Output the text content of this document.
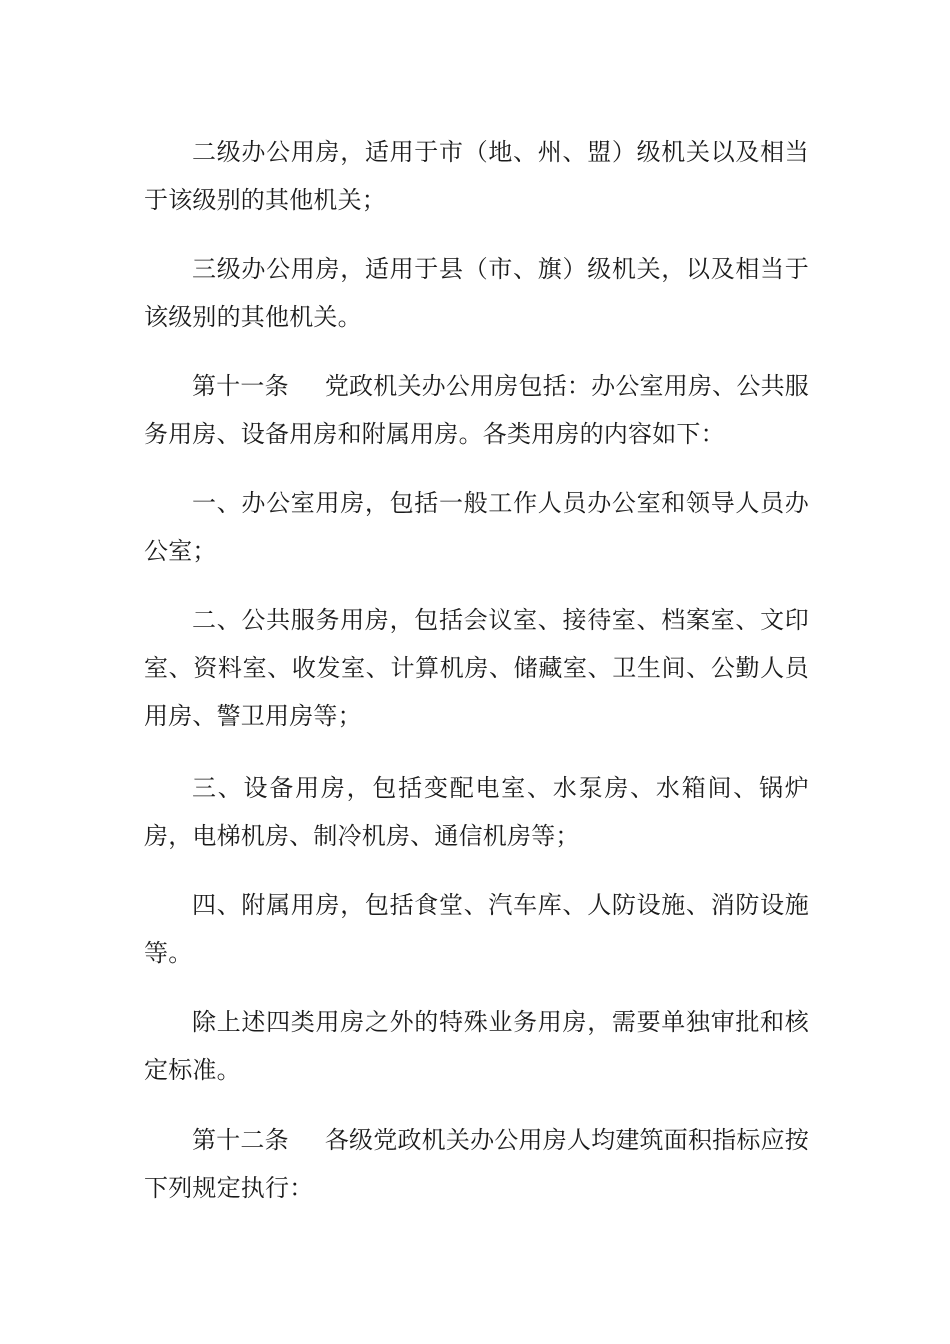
二级办公用房，适用于市（地、州、盟）级机关以及相当于该级别的其他机关；

三级办公用房，适用于县（市、旗）级机关，以及相当于该级别的其他机关。

第十一条 党政机关办公用房包括：办公室用房、公共服务用房、设备用房和附属用房。各类用房的内容如下：

一、办公室用房，包括一般工作人员办公室和领导人员办公室；

二、公共服务用房，包括会议室、接待室、档案室、文印室、资料室、收发室、计算机房、储藏室、卫生间、公勤人员用房、警卫用房等；

三、设备用房，包括变配电室、水泵房、水箱间、锅炉房，电梯机房、制冷机房、通信机房等；

四、附属用房，包括食堂、汽车库、人防设施、消防设施等。

除上述四类用房之外的特殊业务用房，需要单独审批和核定标准。

第十二条 各级党政机关办公用房人均建筑面积指标应按下列规定执行：
